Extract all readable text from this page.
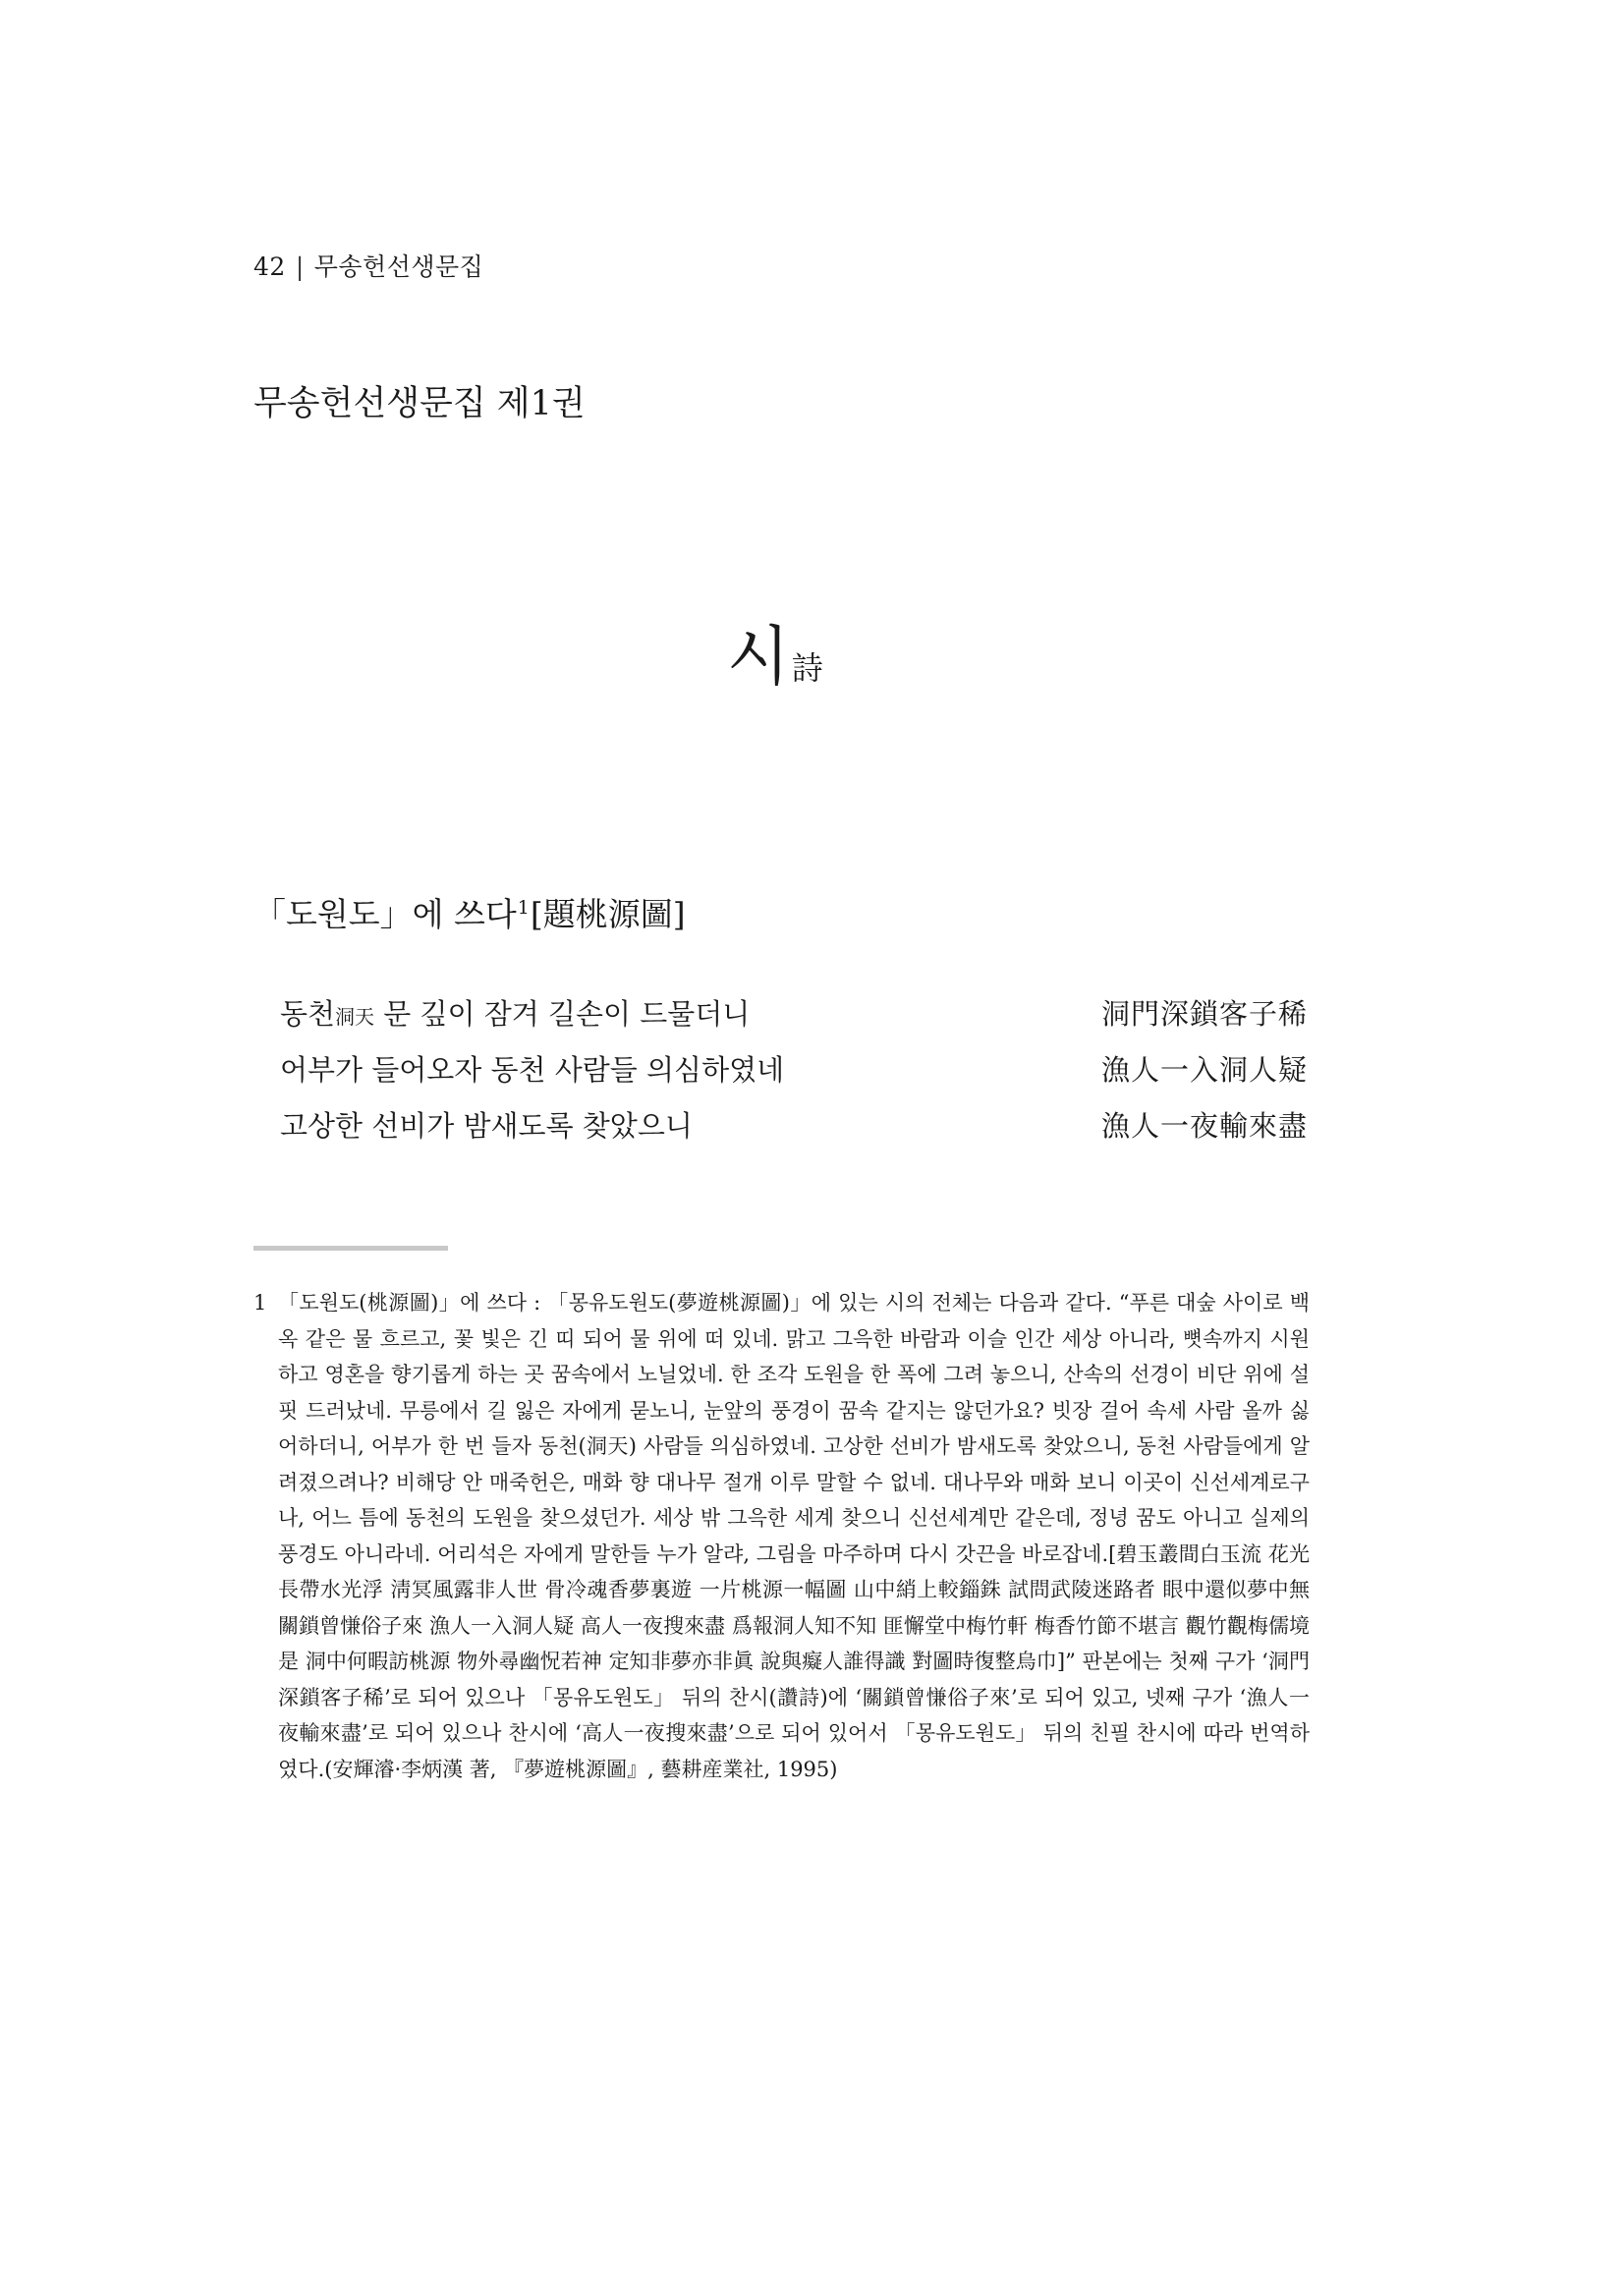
42 | 무송헌선생문집
무송헌선생문집 제1권
시詩
「도원도」에 쓰다$^1$[題桃源圖]
동천洞天 문 깊이 잠겨 길손이 드물더니	洞門深鎖客子稀
어부가 들어오자 동천 사람들 의심하였네	漁人一入洞人疑
고상한 선비가 밤새도록 찾았으니	漁人一夜輸來盡
1 「도원도(桃源圖)」에 쓰다 : 「몽유도원도(夢遊桃源圖)」에 있는 시의 전체는 다음과 같다. “푸른 대숲 사이로 백옥 같은 물 흐르고, 꽃 빛은 긴 띠 되어 물 위에 떠 있네. 맑고 그윽한 바람과 이슬 인간 세상 아니라, 뼛속까지 시원하고 영혼을 향기롭게 하는 곳 꿈속에서 노닐었네. 한 조각 도원을 한 폭에 그려 놓으니, 산속의 선경이 비단 위에 설핏 드러났네. 무릉에서 길 잃은 자에게 묻노니, 눈앞의 풍경이 꿈속 같지는 않던가요? 빗장 걸어 속세 사람 올까 싫어하더니, 어부가 한 번 들자 동천(洞天) 사람들 의심하였네. 고상한 선비가 밤새도록 찾았으니, 동천 사람들에게 알려졌으려나? 비해당 안 매죽헌은, 매화 향 대나무 절개 이루 말할 수 없네. 대나무와 매화 보니 이곳이 신선세계로구나, 어느 틈에 동천의 도원을 찾으셨던가. 세상 밖 그윽한 세계 찾으니 신선세계만 같은데, 정녕 꿈도 아니고 실제의 풍경도 아니라네. 어리석은 자에게 말한들 누가 알랴, 그림을 마주하며 다시 갓끈을 바로잡네.[碧玉叢間白玉流 花光長帶水光浮 淸冥風露非人世 骨冷魂香夢裏遊 一片桃源一幅圖 山中綃上較錙銖 試問武陵迷路者 眼中還似夢中無 關鎖曾慊俗子來 漁人一入洞人疑 高人一夜搜來盡 爲報洞人知不知 匪懈堂中梅竹軒 梅香竹節不堪言 觀竹觀梅儒境是 洞中何暇訪桃源 物外尋幽怳若神 定知非夢亦非眞 說與癡人誰得識 對圖時復整烏巾]” 판본에는 첫째 구가 ‘洞門深鎖客子稀’로 되어 있으나 「몽유도원도」 뒤의 찬시(讚詩)에 ‘關鎖曾慊俗子來’로 되어 있고, 넷째 구가 ‘漁人一夜輸來盡’로 되어 있으나 찬시에 ‘高人一夜搜來盡’으로 되어 있어서 「몽유도원도」 뒤의 친필 찬시에 따라 번역하였다.(安輝濬·李炳漢 著, 『夢遊桃源圖』, 藝耕産業社, 1995)
